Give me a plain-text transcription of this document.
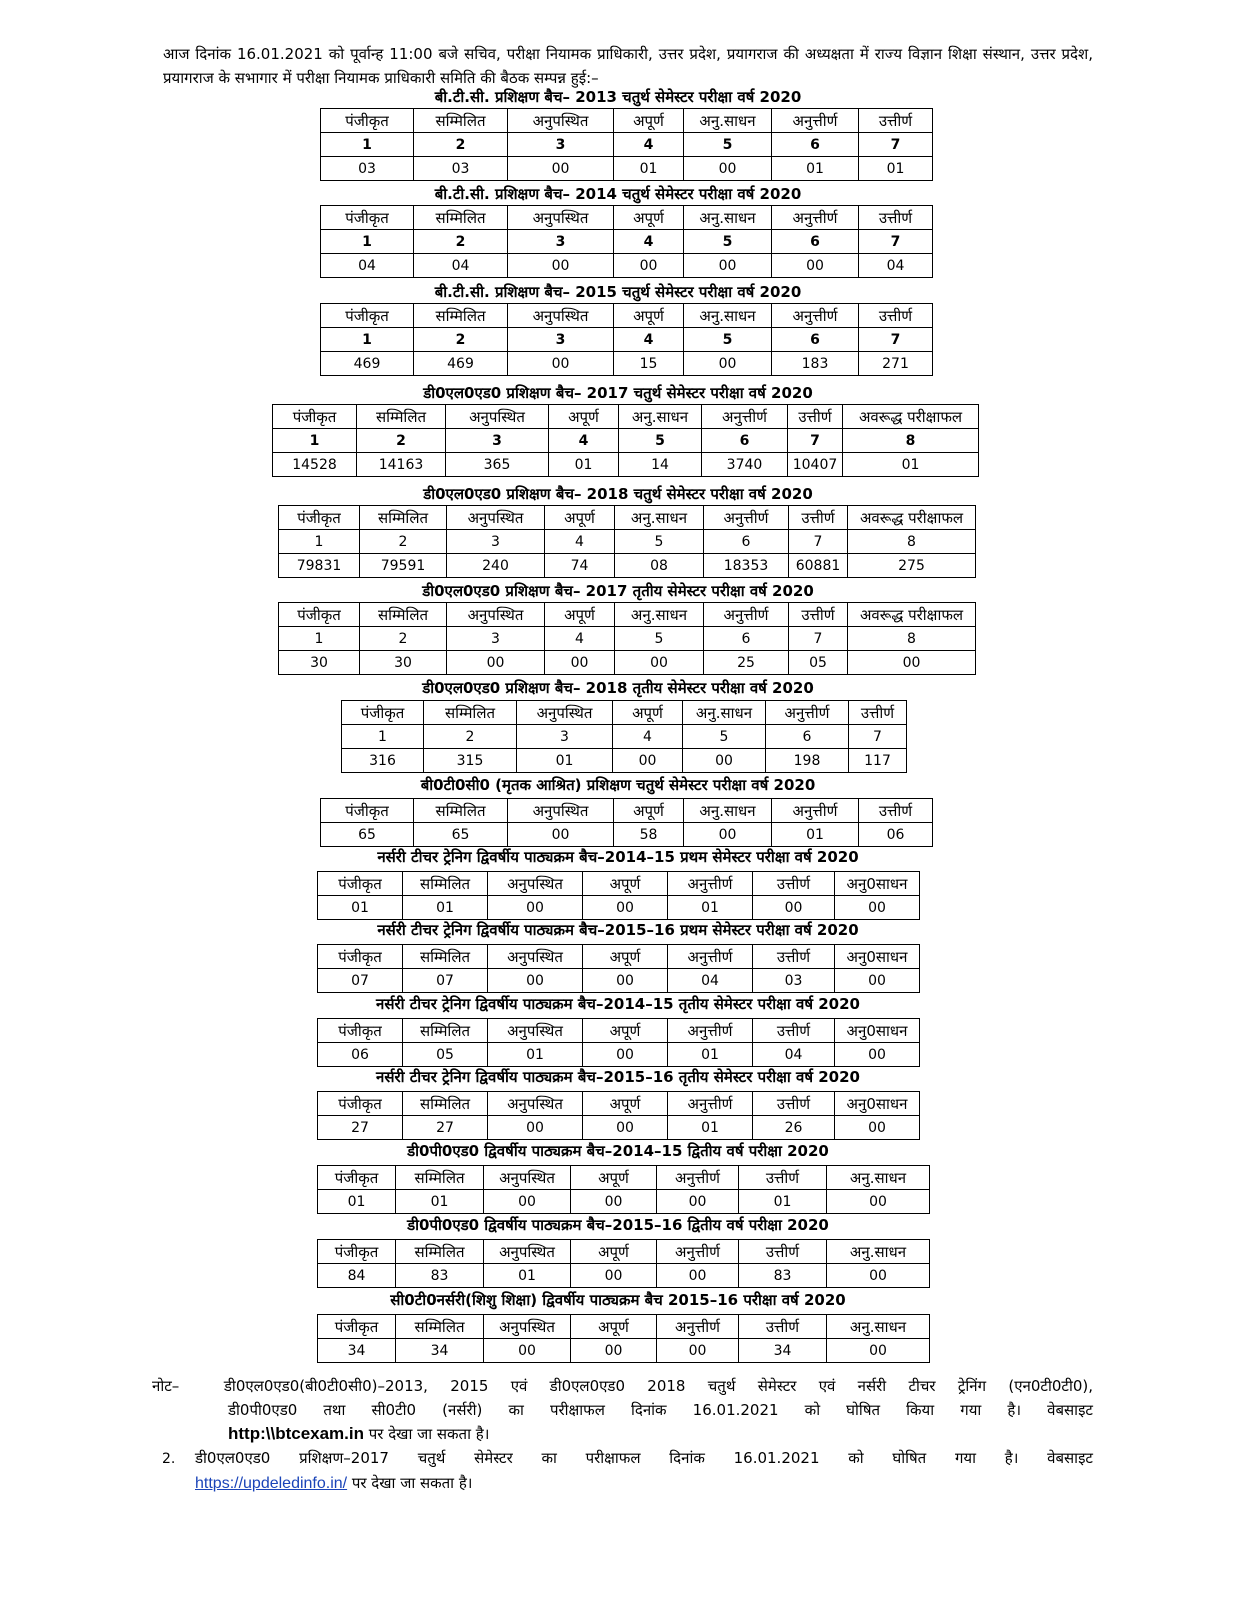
आज दिनांक 16.01.2021 को पूर्वान्ह 11:00 बजे सचिव, परीक्षा नियामक प्राधिकारी, उत्तर प्रदेश, प्रयागराज की अध्यक्षता में राज्य विज्ञान शिक्षा संस्थान, उत्तर प्रदेश, प्रयागराज के सभागार में परीक्षा नियामक प्राधिकारी समिति की बैठक सम्पन्न हुई:–
बी.टी.सी. प्रशिक्षण बैच– 2013 चतुर्थ सेमेस्टर परीक्षा वर्ष 2020
पंजीकृत	सम्मिलित	अनुपस्थित	अपूर्ण	अनु.साधन	अनुत्तीर्ण	उत्तीर्ण
1	2	3	4	5	6	7
03	03	00	01	00	01	01
बी.टी.सी. प्रशिक्षण बैच– 2014 चतुर्थ सेमेस्टर परीक्षा वर्ष 2020
पंजीकृत	सम्मिलित	अनुपस्थित	अपूर्ण	अनु.साधन	अनुत्तीर्ण	उत्तीर्ण
1	2	3	4	5	6	7
04	04	00	00	00	00	04
बी.टी.सी. प्रशिक्षण बैच– 2015 चतुर्थ सेमेस्टर परीक्षा वर्ष 2020
पंजीकृत	सम्मिलित	अनुपस्थित	अपूर्ण	अनु.साधन	अनुत्तीर्ण	उत्तीर्ण
1	2	3	4	5	6	7
469	469	00	15	00	183	271
डी0एल0एड0 प्रशिक्षण बैच– 2017 चतुर्थ सेमेस्टर परीक्षा वर्ष 2020
पंजीकृत	सम्मिलित	अनुपस्थित	अपूर्ण	अनु.साधन	अनुत्तीर्ण	उत्तीर्ण	अवरूद्ध परीक्षाफल
1	2	3	4	5	6	7	8
14528	14163	365	01	14	3740	10407	01
डी0एल0एड0 प्रशिक्षण बैच– 2018 चतुर्थ सेमेस्टर परीक्षा वर्ष 2020
पंजीकृत	सम्मिलित	अनुपस्थित	अपूर्ण	अनु.साधन	अनुत्तीर्ण	उत्तीर्ण	अवरूद्ध परीक्षाफल
1	2	3	4	5	6	7	8
79831	79591	240	74	08	18353	60881	275
डी0एल0एड0 प्रशिक्षण बैच– 2017 तृतीय सेमेस्टर परीक्षा वर्ष 2020
पंजीकृत	सम्मिलित	अनुपस्थित	अपूर्ण	अनु.साधन	अनुत्तीर्ण	उत्तीर्ण	अवरूद्ध परीक्षाफल
1	2	3	4	5	6	7	8
30	30	00	00	00	25	05	00
डी0एल0एड0 प्रशिक्षण बैच– 2018 तृतीय सेमेस्टर परीक्षा वर्ष 2020
पंजीकृत	सम्मिलित	अनुपस्थित	अपूर्ण	अनु.साधन	अनुत्तीर्ण	उत्तीर्ण
1	2	3	4	5	6	7
316	315	01	00	00	198	117
बी0टी0सी0 (मृतक आश्रित) प्रशिक्षण चतुर्थ सेमेस्टर परीक्षा वर्ष 2020
पंजीकृत	सम्मिलित	अनुपस्थित	अपूर्ण	अनु.साधन	अनुत्तीर्ण	उत्तीर्ण
65	65	00	58	00	01	06
नर्सरी टीचर ट्रेनिग द्विवर्षीय पाठ्यक्रम बैच–2014–15 प्रथम सेमेस्टर परीक्षा वर्ष 2020
पंजीकृत	सम्मिलित	अनुपस्थित	अपूर्ण	अनुत्तीर्ण	उत्तीर्ण	अनु0साधन
01	01	00	00	01	00	00
नर्सरी टीचर ट्रेनिग द्विवर्षीय पाठ्यक्रम बैच–2015–16 प्रथम सेमेस्टर परीक्षा वर्ष 2020
पंजीकृत	सम्मिलित	अनुपस्थित	अपूर्ण	अनुत्तीर्ण	उत्तीर्ण	अनु0साधन
07	07	00	00	04	03	00
नर्सरी टीचर ट्रेनिग द्विवर्षीय पाठ्यक्रम बैच–2014–15 तृतीय सेमेस्टर परीक्षा वर्ष 2020
पंजीकृत	सम्मिलित	अनुपस्थित	अपूर्ण	अनुत्तीर्ण	उत्तीर्ण	अनु0साधन
06	05	01	00	01	04	00
नर्सरी टीचर ट्रेनिग द्विवर्षीय पाठ्यक्रम बैच–2015–16 तृतीय सेमेस्टर परीक्षा वर्ष 2020
पंजीकृत	सम्मिलित	अनुपस्थित	अपूर्ण	अनुत्तीर्ण	उत्तीर्ण	अनु0साधन
27	27	00	00	01	26	00
डी0पी0एड0 द्विवर्षीय पाठ्यक्रम बैच–2014–15 द्वितीय वर्ष परीक्षा 2020
पंजीकृत	सम्मिलित	अनुपस्थित	अपूर्ण	अनुत्तीर्ण	उत्तीर्ण	अनु.साधन
01	01	00	00	00	01	00
डी0पी0एड0 द्विवर्षीय पाठ्यक्रम बैच–2015–16 द्वितीय वर्ष परीक्षा 2020
पंजीकृत	सम्मिलित	अनुपस्थित	अपूर्ण	अनुत्तीर्ण	उत्तीर्ण	अनु.साधन
84	83	01	00	00	83	00
सी0टी0नर्सरी(शिशु शिक्षा) द्विवर्षीय पाठ्यक्रम बैच 2015–16 परीक्षा वर्ष 2020
पंजीकृत	सम्मिलित	अनुपस्थित	अपूर्ण	अनुत्तीर्ण	उत्तीर्ण	अनु.साधन
34	34	00	00	00	34	00

नोट–	डी0एल0एड0(बी0टी0सी0)–2013, 2015 एवं डी0एल0एड0 2018 चतुर्थ सेमेस्टर एवं नर्सरी टीचर ट्रेनिंग (एन0टी0टी0),

डी0पी0एड0 तथा सी0टी0 (नर्सरी) का परीक्षाफल दिनांक 16.01.2021 को घोषित किया गया है। वेबसाइट

http:\\btcexam.in पर देखा जा सकता है।

2. डी0एल0एड0 प्रशिक्षण–2017 चतुर्थ सेमेस्टर का परीक्षाफल दिनांक 16.01.2021 को घोषित गया है। वेबसाइट

https://updeledinfo.in/ पर देखा जा सकता है।
